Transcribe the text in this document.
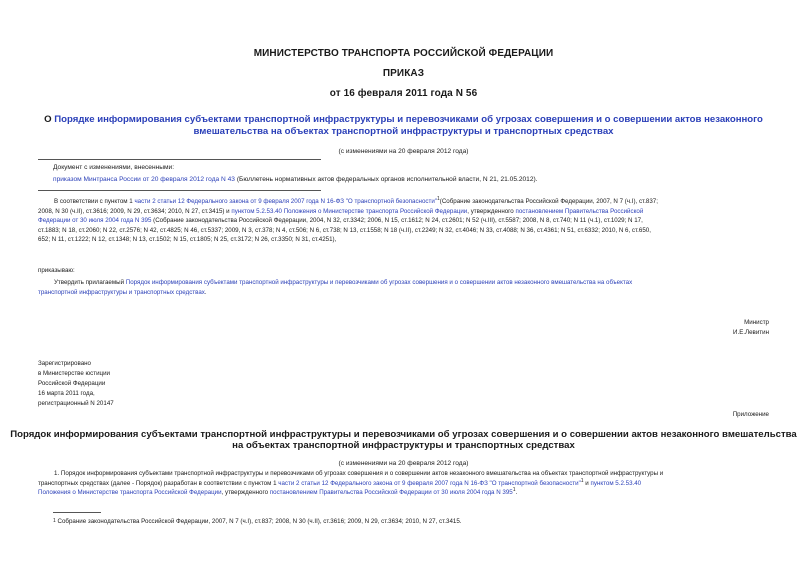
МИНИСТЕРСТВО ТРАНСПОРТА РОССИЙСКОЙ ФЕДЕРАЦИИ
ПРИКАЗ
от 16 февраля 2011 года N 56
О Порядке информирования субъектами транспортной инфраструктуры и перевозчиками об угрозах совершения и о совершении актов незаконного
вмешательства на объектах транспортной инфраструктуры и транспортных средствах
(с изменениями на 20 февраля 2012 года)
Документ с изменениями, внесенными:
приказом Минтранса России от 20 февраля 2012 года N 43 (Бюллетень нормативных актов федеральных органов исполнительной власти, N 21, 21.05.2012).
В соответствии с пунктом 1 части 2 статьи 12 Федерального закона от 9 февраля 2007 года N 16-ФЗ "О транспортной безопасности"$^1$(Собрание законодательства Российской Федерации, 2007, N 7 (ч.I), ст.837;
2008, N 30 (ч.II), ст.3616; 2009, N 29, ст.3634; 2010, N 27, ст.3415) и пунктом 5.2.53.40 Положения о Министерстве транспорта Российской Федерации, утвержденного постановлением Правительства Российской
Федерации от 30 июля 2004 года N 395 (Собрание законодательства Российской Федерации, 2004, N 32, ст.3342; 2006, N 15, ст.1612; N 24, ст.2601; N 52 (ч.III), ст.5587; 2008, N 8, ст.740; N 11 (ч.1), ст.1029; N 17,
ст.1883; N 18, ст.2060; N 22, ст.2576; N 42, ст.4825; N 46, ст.5337; 2009, N 3, ст.378; N 4, ст.506; N 6, ст.738; N 13, ст.1558; N 18 (ч.II), ст.2249; N 32, ст.4046; N 33, ст.4088; N 36, ст.4361; N 51, ст.6332; 2010, N 6, ст.650,
652; N 11, ст.1222; N 12, ст.1348; N 13, ст.1502; N 15, ст.1805; N 25, ст.3172; N 26, ст.3350; N 31, ст.4251),
приказываю:
Утвердить прилагаемый Порядок информирования субъектами транспортной инфраструктуры и перевозчиками об угрозах совершения и о совершении актов незаконного вмешательства на объектах
транспортной инфраструктуры и транспортных средствах.
Министр
И.Е.Левитин
Зарегистрировано
в Министерстве юстиции
Российской Федерации
16 марта 2011 года,
регистрационный N 20147
Приложение
Порядок информирования субъектами транспортной инфраструктуры и перевозчиками об угрозах совершения и о совершении актов незаконного вмешательства
на объектах транспортной инфраструктуры и транспортных средствах
(с изменениями на 20 февраля 2012 года)
1. Порядок информирования субъектами транспортной инфраструктуры и перевозчиками об угрозах совершения и о совершении актов незаконного вмешательства на объектах транспортной инфраструктуры и
транспортных средствах (далее - Порядок) разработан в соответствии с пунктом 1 части 2 статьи 12 Федерального закона от 9 февраля 2007 года N 16-ФЗ "О транспортной безопасности"$^1$ и пунктом 5.2.53.40
Положения о Министерстве транспорта Российской Федерации, утвержденного постановлением Правительства Российской Федерации от 30 июля 2004 года N $395^1$.
1 Собрание законодательства Российской Федерации, 2007, N 7 (ч.I), ст.837; 2008, N 30 (ч.II), ст.3616; 2009, N 29, ст.3634; 2010, N 27, ст.3415.
